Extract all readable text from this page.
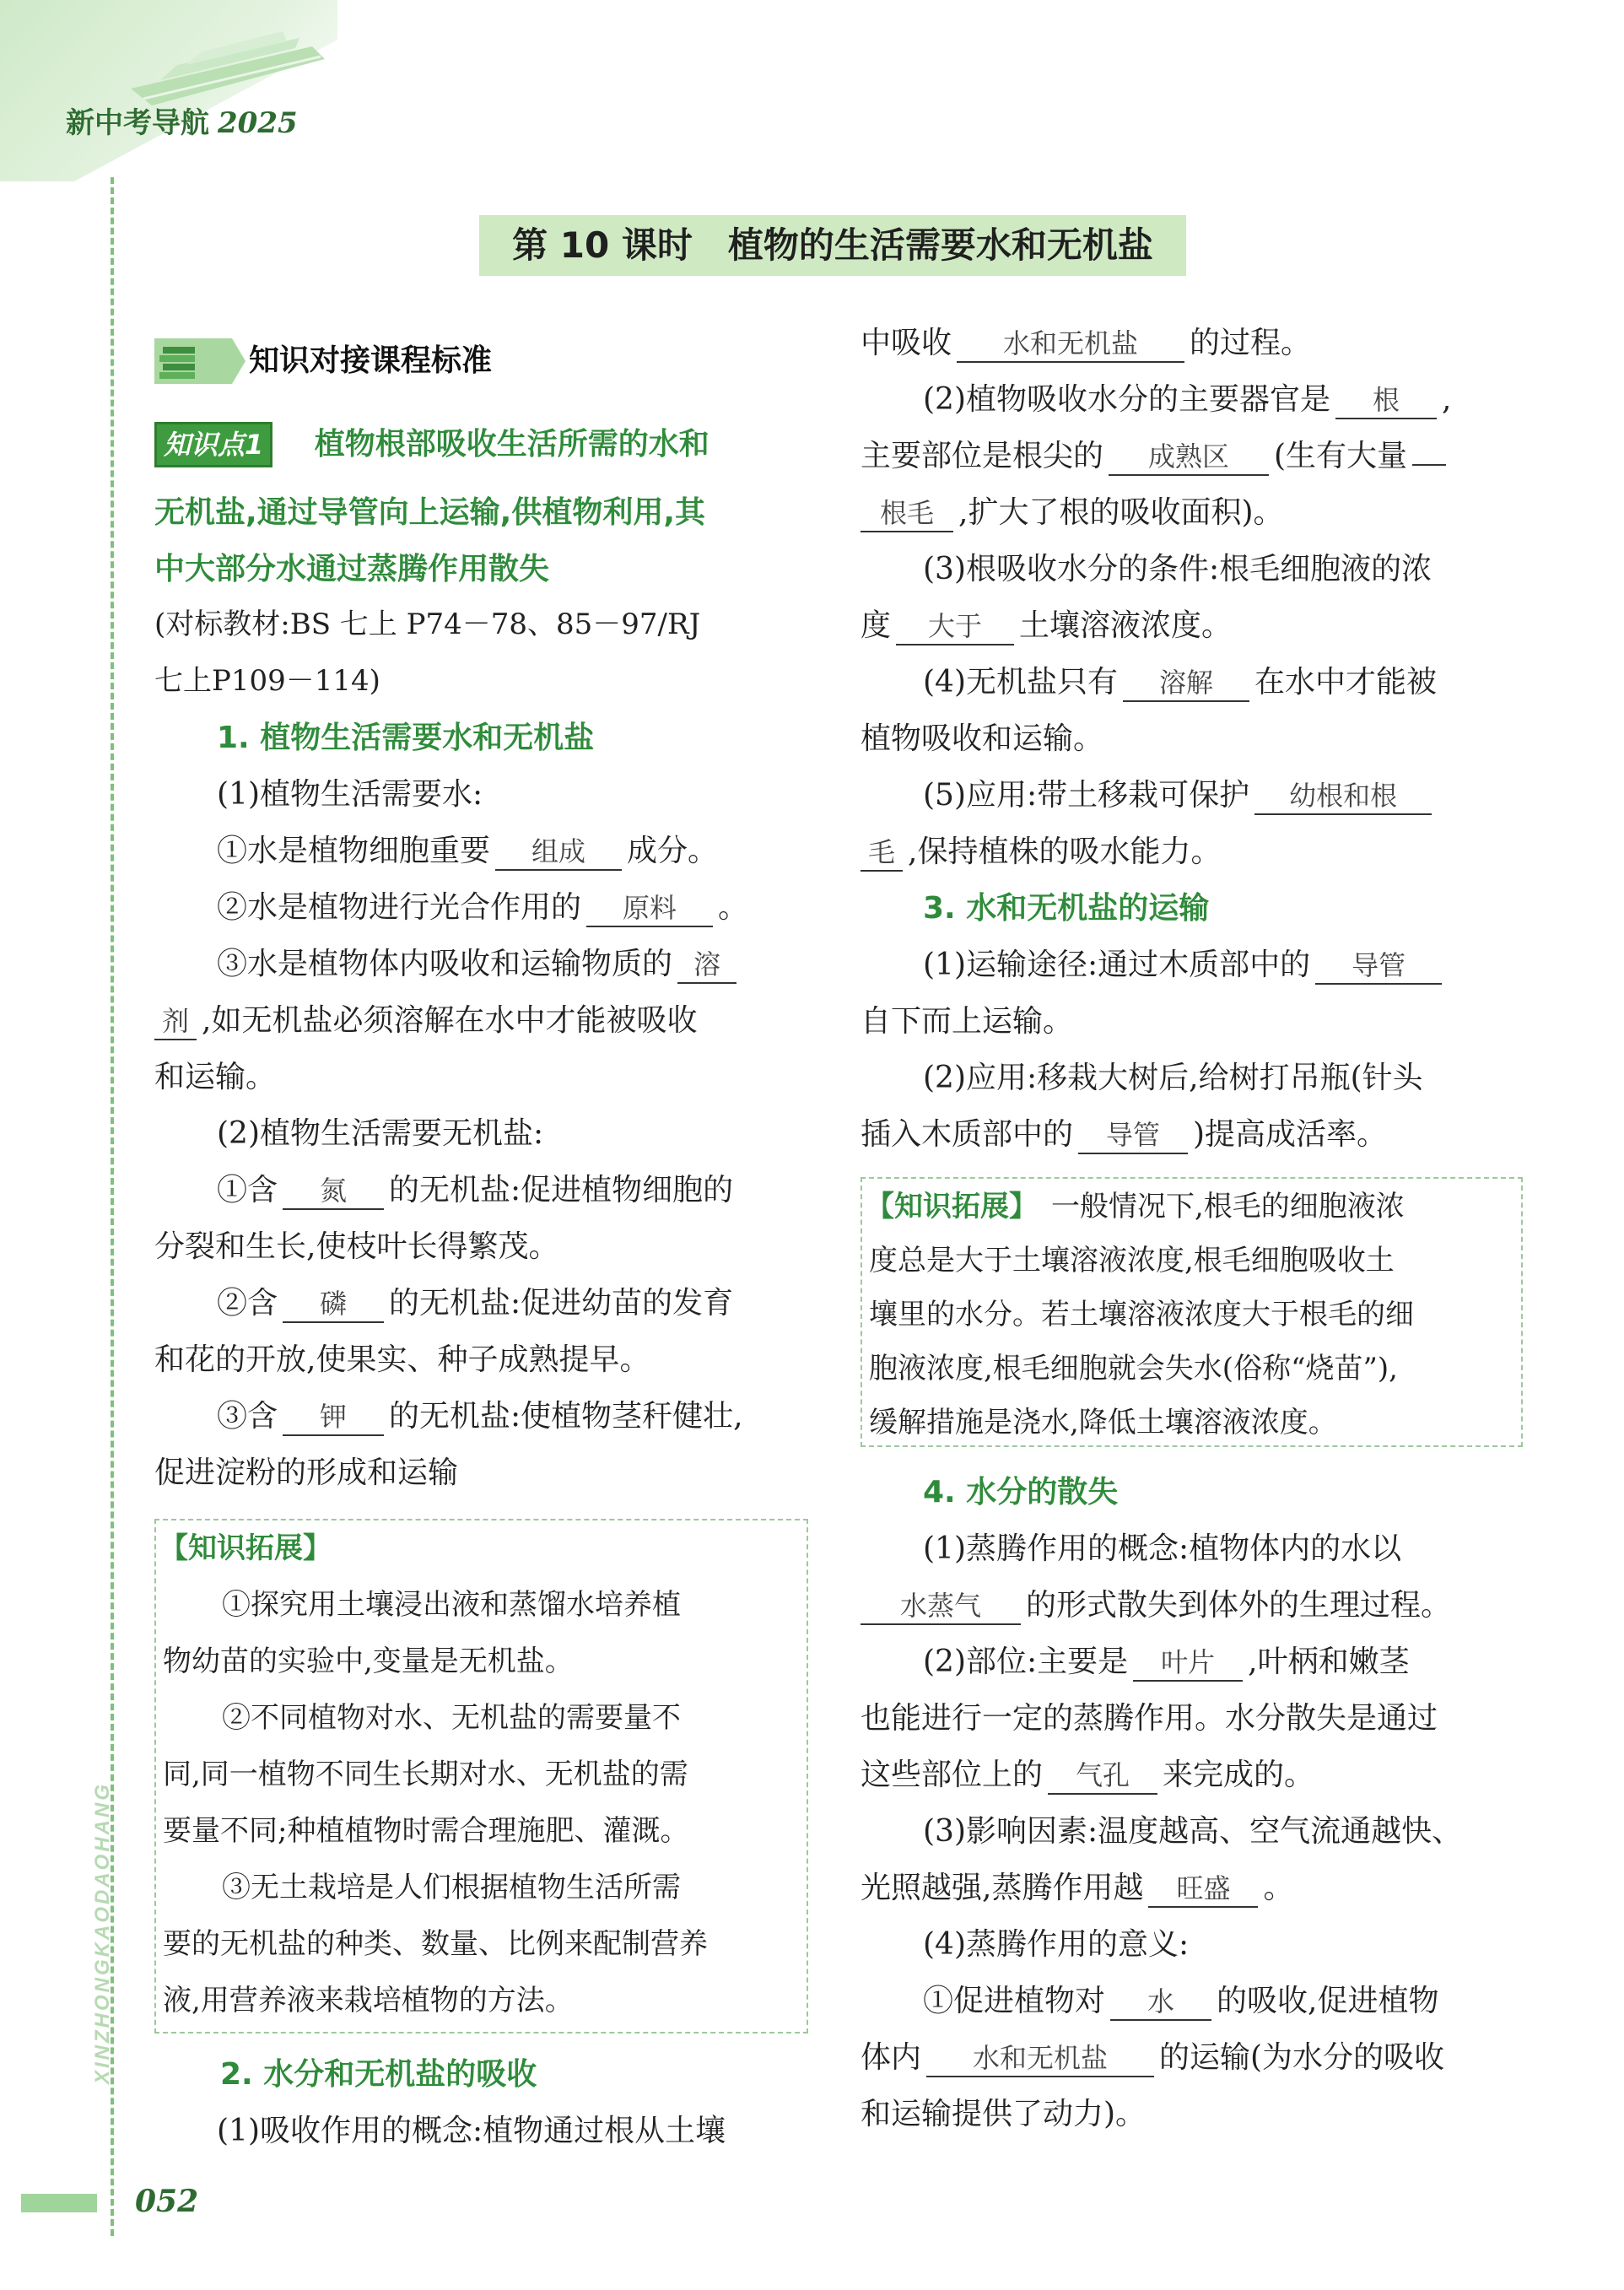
新中考导航 2025
XINZHONGKAODAOHANG
052
第 10 课时　植物的生活需要水和无机盐
知识对接课程标准
知识点1 植物根部吸收生活所需的水和
无机盐,通过导管向上运输,供植物利用,其
中大部分水通过蒸腾作用散失
(对标教材:BS 七上 P74－78、85－97/RJ
七上P109－114)
1. 植物生活需要水和无机盐
(1)植物生活需要水:
①水是植物细胞重要 组成 成分。
②水是植物进行光合作用的 原料 。
③水是植物体内吸收和运输物质的 溶
剂 ,如无机盐必须溶解在水中才能被吸收
和运输。
(2)植物生活需要无机盐:
①含 氮 的无机盐:促进植物细胞的
分裂和生长,使枝叶长得繁茂。
②含 磷 的无机盐:促进幼苗的发育
和花的开放,使果实、种子成熟提早。
③含 钾 的无机盐:使植物茎秆健壮,
促进淀粉的形成和运输
【知识拓展】
①探究用土壤浸出液和蒸馏水培养植
物幼苗的实验中,变量是无机盐。
②不同植物对水、无机盐的需要量不
同,同一植物不同生长期对水、无机盐的需
要量不同;种植植物时需合理施肥、灌溉。
③无土栽培是人们根据植物生活所需
要的无机盐的种类、数量、比例来配制营养
液,用营养液来栽培植物的方法。
2. 水分和无机盐的吸收
(1)吸收作用的概念:植物通过根从土壤
中吸收 水和无机盐 的过程。
(2)植物吸收水分的主要器官是 根 ,
主要部位是根尖的 成熟区 (生有大量
根毛 ,扩大了根的吸收面积)。
(3)根吸收水分的条件:根毛细胞液的浓
度 大于 土壤溶液浓度。
(4)无机盐只有 溶解 在水中才能被
植物吸收和运输。
(5)应用:带土移栽可保护 幼根和根
毛 ,保持植株的吸水能力。
3. 水和无机盐的运输
(1)运输途径:通过木质部中的 导管
自下而上运输。
(2)应用:移栽大树后,给树打吊瓶(针头
插入木质部中的 导管 )提高成活率。
【知识拓展】 一般情况下,根毛的细胞液浓
度总是大于土壤溶液浓度,根毛细胞吸收土
壤里的水分。若土壤溶液浓度大于根毛的细
胞液浓度,根毛细胞就会失水(俗称“烧苗”),
缓解措施是浇水,降低土壤溶液浓度。
4. 水分的散失
(1)蒸腾作用的概念:植物体内的水以
水蒸气 的形式散失到体外的生理过程。
(2)部位:主要是 叶片 ,叶柄和嫩茎
也能进行一定的蒸腾作用。水分散失是通过
这些部位上的 气孔 来完成的。
(3)影响因素:温度越高、空气流通越快、
光照越强,蒸腾作用越 旺盛 。
(4)蒸腾作用的意义:
①促进植物对 水 的吸收,促进植物
体内 水和无机盐 的运输(为水分的吸收
和运输提供了动力)。
